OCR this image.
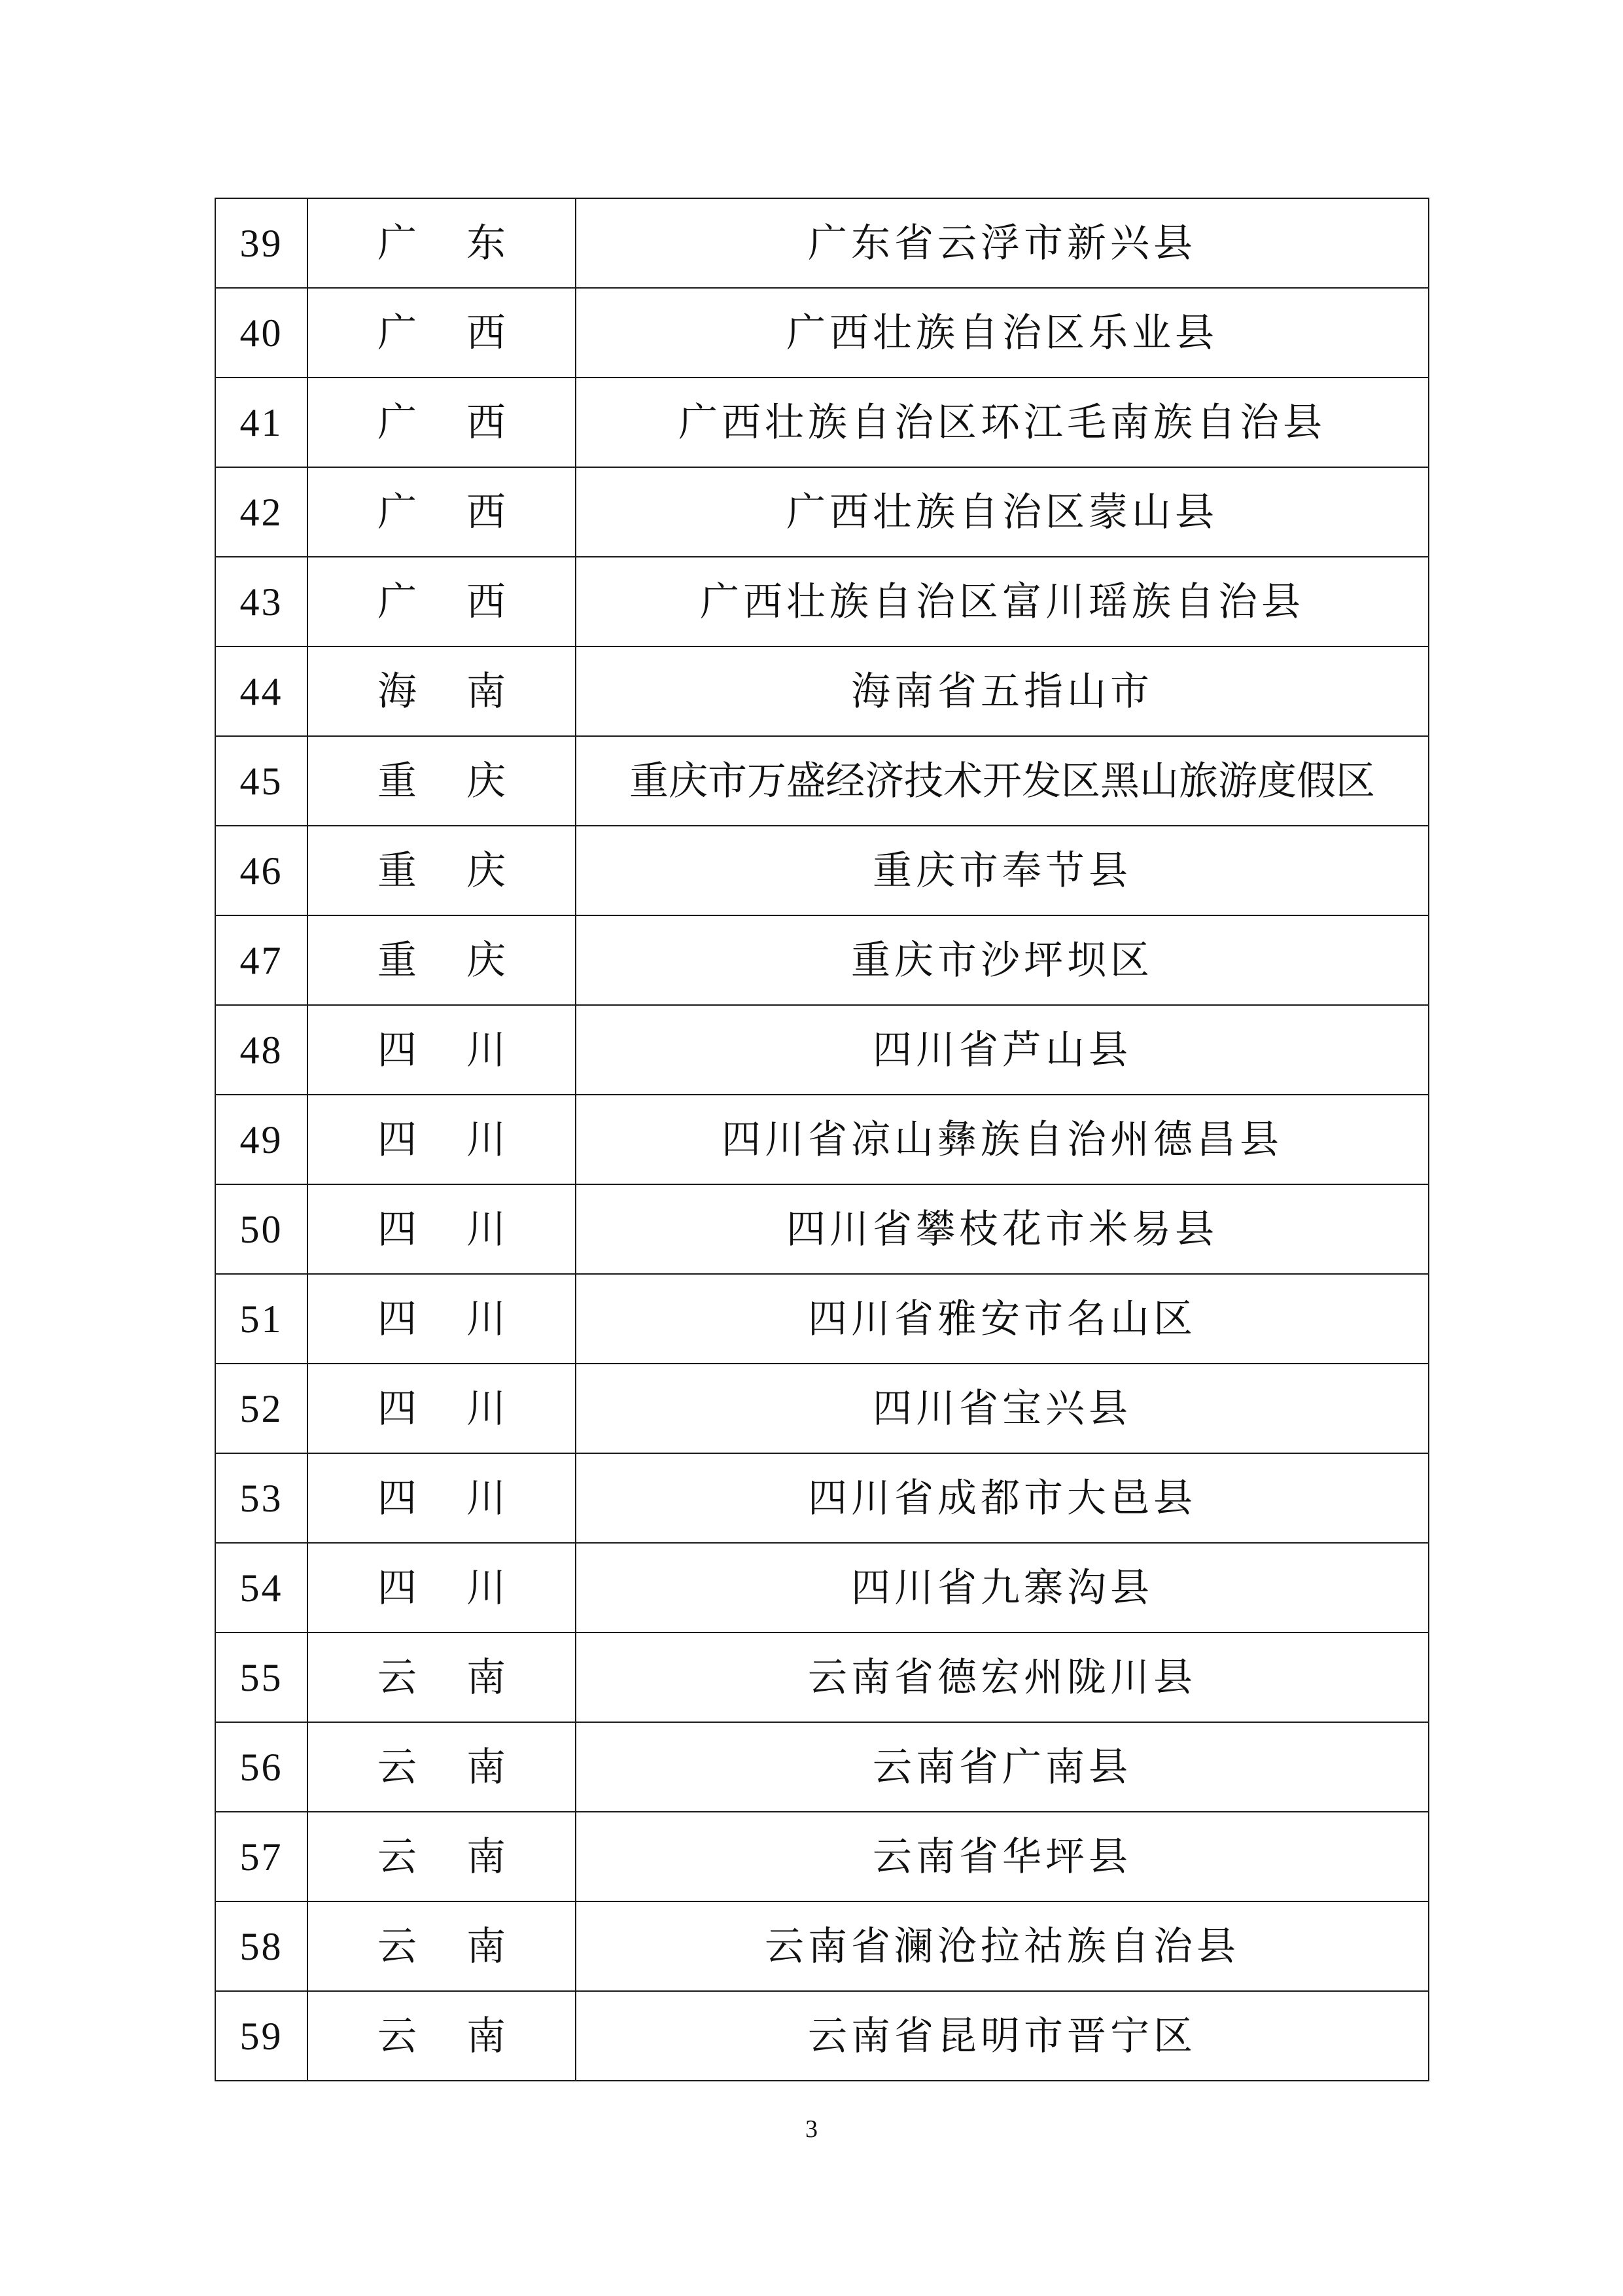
39	广 东	广东省云浮市新兴县
40	广 西	广西壮族自治区乐业县
41	广 西	广西壮族自治区环江毛南族自治县
42	广 西	广西壮族自治区蒙山县
43	广 西	广西壮族自治区富川瑶族自治县
44	海 南	海南省五指山市
45	重 庆	重庆市万盛经济技术开发区黑山旅游度假区
46	重 庆	重庆市奉节县
47	重 庆	重庆市沙坪坝区
48	四 川	四川省芦山县
49	四 川	四川省凉山彝族自治州德昌县
50	四 川	四川省攀枝花市米易县
51	四 川	四川省雅安市名山区
52	四 川	四川省宝兴县
53	四 川	四川省成都市大邑县
54	四 川	四川省九寨沟县
55	云 南	云南省德宏州陇川县
56	云 南	云南省广南县
57	云 南	云南省华坪县
58	云 南	云南省澜沧拉祜族自治县
59	云 南	云南省昆明市晋宁区
3
